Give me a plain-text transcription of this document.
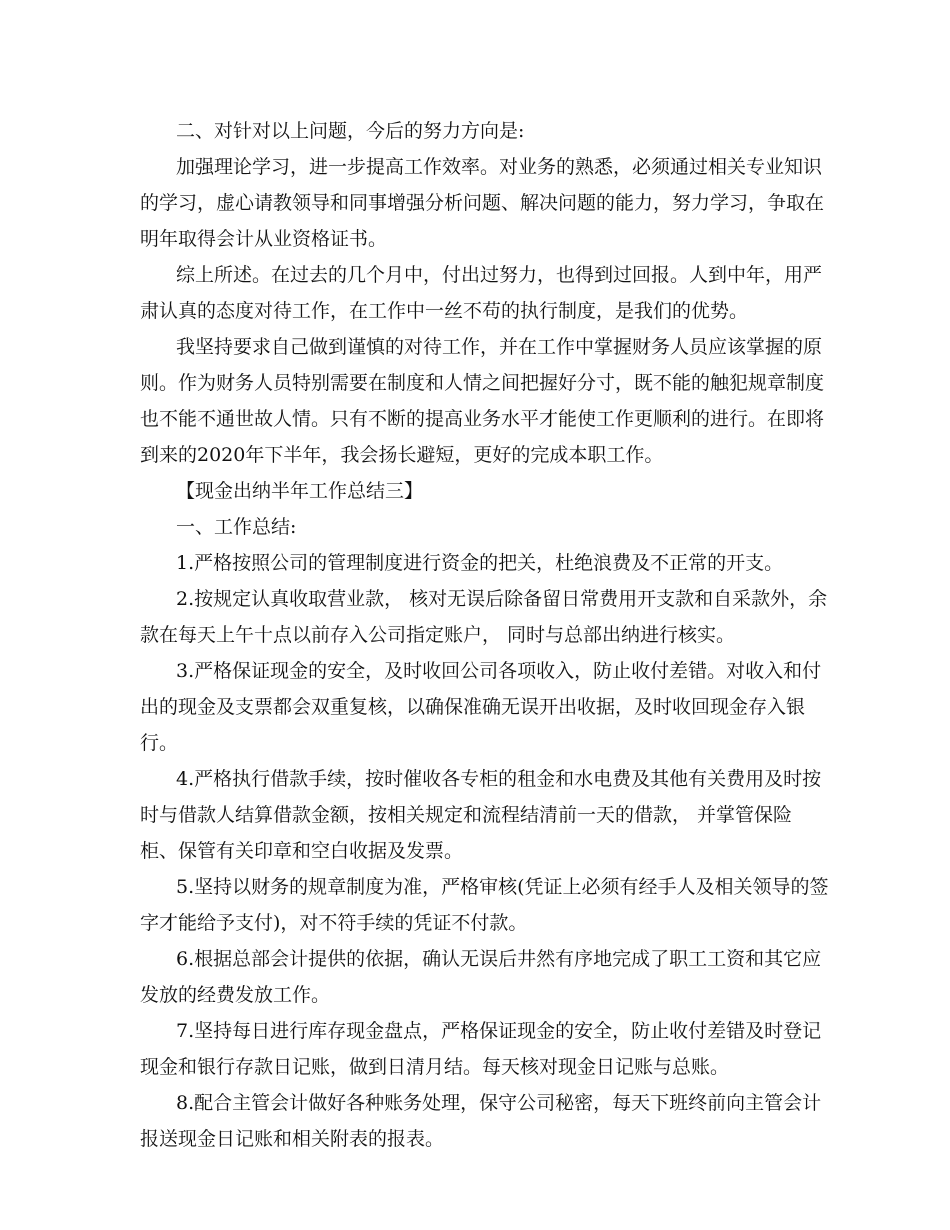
二、对针对以上问题，今后的努力方向是:

加强理论学习，进一步提高工作效率。对业务的熟悉，必须通过相关专业知识的学习，虚心请教领导和同事增强分析问题、解决问题的能力，努力学习，争取在明年取得会计从业资格证书。

综上所述。在过去的几个月中，付出过努力，也得到过回报。人到中年，用严肃认真的态度对待工作，在工作中一丝不苟的执行制度，是我们的优势。

我坚持要求自己做到谨慎的对待工作，并在工作中掌握财务人员应该掌握的原则。作为财务人员特别需要在制度和人情之间把握好分寸，既不能的触犯规章制度也不能不通世故人情。只有不断的提高业务水平才能使工作更顺利的进行。在即将到来的2020年下半年，我会扬长避短，更好的完成本职工作。

【现金出纳半年工作总结三】

一、工作总结:

1.严格按照公司的管理制度进行资金的把关，杜绝浪费及不正常的开支。

2.按规定认真收取营业款， 核对无误后除备留日常费用开支款和自采款外，余款在每天上午十点以前存入公司指定账户， 同时与总部出纳进行核实。

3.严格保证现金的安全，及时收回公司各项收入，防止收付差错。对收入和付出的现金及支票都会双重复核，以确保准确无误开出收据，及时收回现金存入银行。

4.严格执行借款手续，按时催收各专柜的租金和水电费及其他有关费用及时按时与借款人结算借款金额，按相关规定和流程结清前一天的借款， 并掌管保险柜、保管有关印章和空白收据及发票。

5.坚持以财务的规章制度为准，严格审核(凭证上必须有经手人及相关领导的签字才能给予支付)，对不符手续的凭证不付款。

6.根据总部会计提供的依据，确认无误后井然有序地完成了职工工资和其它应发放的经费发放工作。

7.坚持每日进行库存现金盘点，严格保证现金的安全，防止收付差错及时登记现金和银行存款日记账，做到日清月结。每天核对现金日记账与总账。

8.配合主管会计做好各种账务处理，保守公司秘密，每天下班终前向主管会计报送现金日记账和相关附表的报表。
